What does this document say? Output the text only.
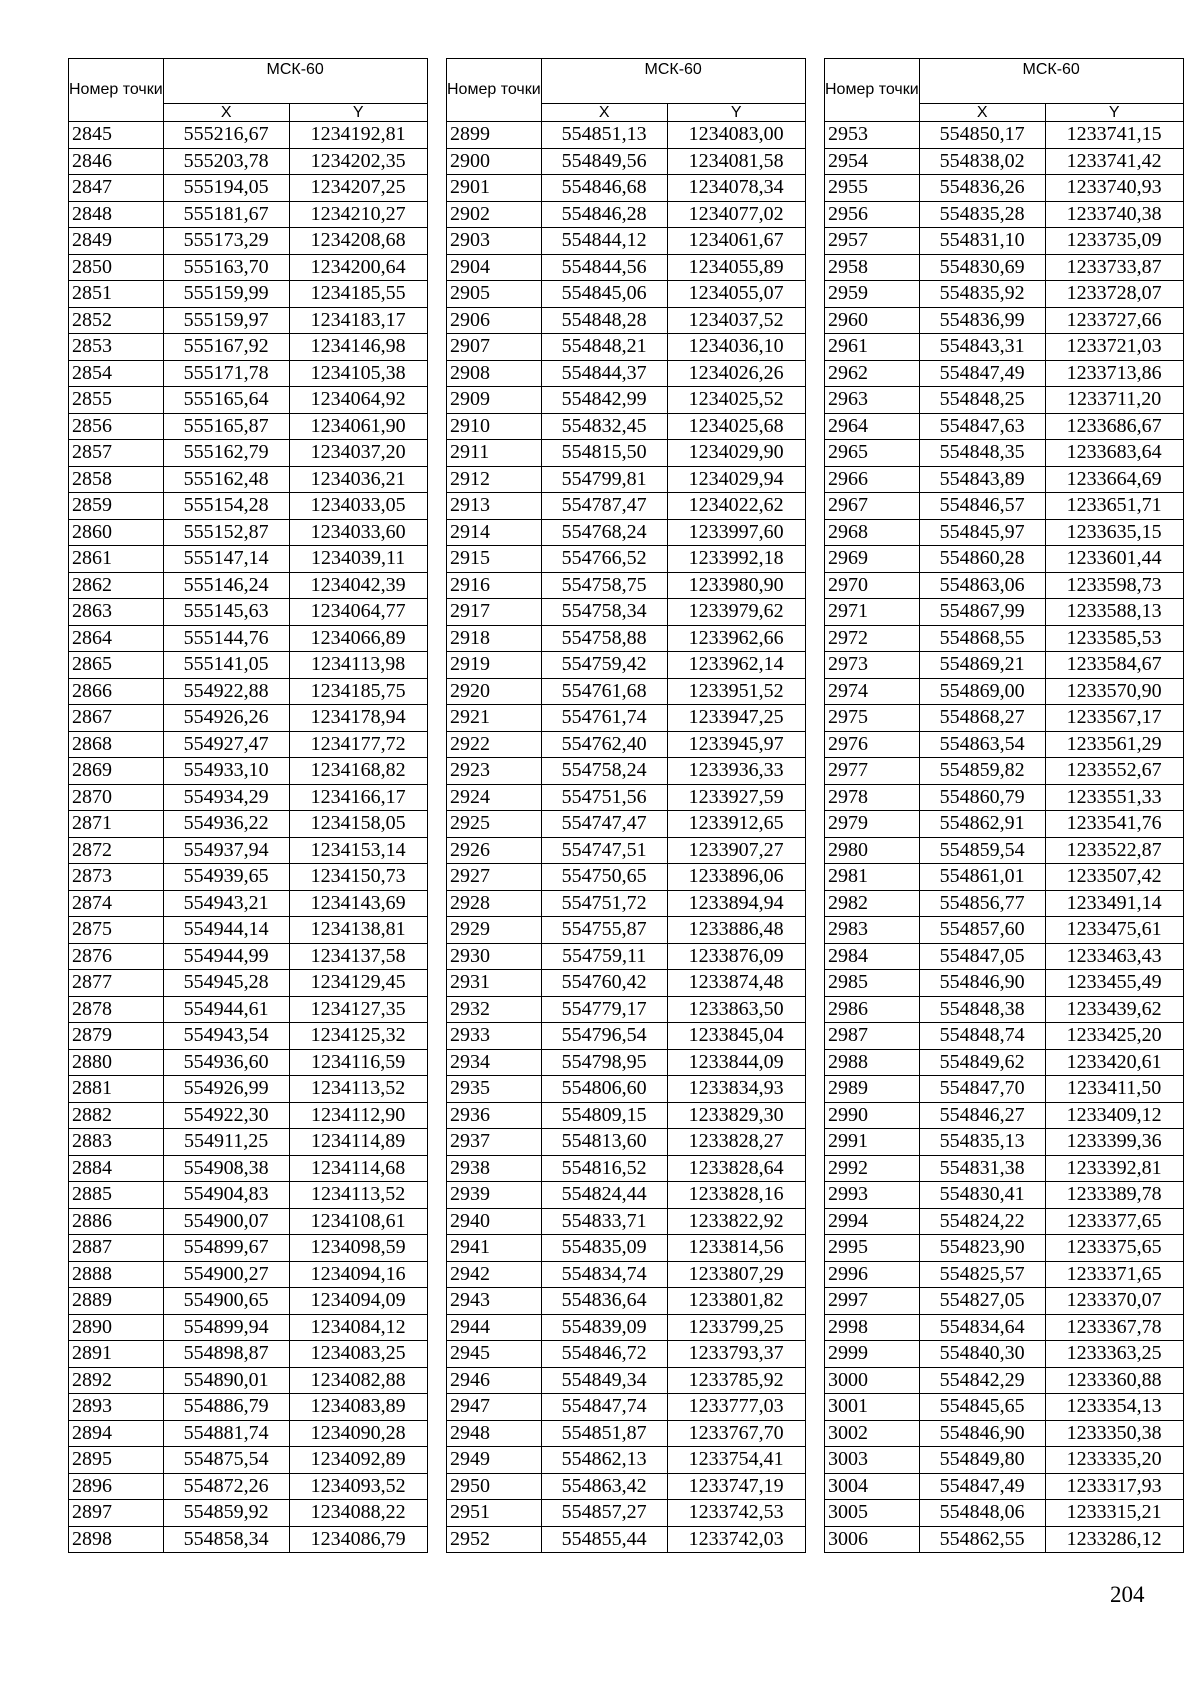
Номер точки	МСК-60	
	X	Y
2845	555216,67	1234192,81
2846	555203,78	1234202,35
2847	555194,05	1234207,25
2848	555181,67	1234210,27
2849	555173,29	1234208,68
2850	555163,70	1234200,64
2851	555159,99	1234185,55
2852	555159,97	1234183,17
2853	555167,92	1234146,98
2854	555171,78	1234105,38
2855	555165,64	1234064,92
2856	555165,87	1234061,90
2857	555162,79	1234037,20
2858	555162,48	1234036,21
2859	555154,28	1234033,05
2860	555152,87	1234033,60
2861	555147,14	1234039,11
2862	555146,24	1234042,39
2863	555145,63	1234064,77
2864	555144,76	1234066,89
2865	555141,05	1234113,98
2866	554922,88	1234185,75
2867	554926,26	1234178,94
2868	554927,47	1234177,72
2869	554933,10	1234168,82
2870	554934,29	1234166,17
2871	554936,22	1234158,05
2872	554937,94	1234153,14
2873	554939,65	1234150,73
2874	554943,21	1234143,69
2875	554944,14	1234138,81
2876	554944,99	1234137,58
2877	554945,28	1234129,45
2878	554944,61	1234127,35
2879	554943,54	1234125,32
2880	554936,60	1234116,59
2881	554926,99	1234113,52
2882	554922,30	1234112,90
2883	554911,25	1234114,89
2884	554908,38	1234114,68
2885	554904,83	1234113,52
2886	554900,07	1234108,61
2887	554899,67	1234098,59
2888	554900,27	1234094,16
2889	554900,65	1234094,09
2890	554899,94	1234084,12
2891	554898,87	1234083,25
2892	554890,01	1234082,88
2893	554886,79	1234083,89
2894	554881,74	1234090,28
2895	554875,54	1234092,89
2896	554872,26	1234093,52
2897	554859,92	1234088,22
2898	554858,34	1234086,79
Номер точки	МСК-60	
	X	Y
2899	554851,13	1234083,00
2900	554849,56	1234081,58
2901	554846,68	1234078,34
2902	554846,28	1234077,02
2903	554844,12	1234061,67
2904	554844,56	1234055,89
2905	554845,06	1234055,07
2906	554848,28	1234037,52
2907	554848,21	1234036,10
2908	554844,37	1234026,26
2909	554842,99	1234025,52
2910	554832,45	1234025,68
2911	554815,50	1234029,90
2912	554799,81	1234029,94
2913	554787,47	1234022,62
2914	554768,24	1233997,60
2915	554766,52	1233992,18
2916	554758,75	1233980,90
2917	554758,34	1233979,62
2918	554758,88	1233962,66
2919	554759,42	1233962,14
2920	554761,68	1233951,52
2921	554761,74	1233947,25
2922	554762,40	1233945,97
2923	554758,24	1233936,33
2924	554751,56	1233927,59
2925	554747,47	1233912,65
2926	554747,51	1233907,27
2927	554750,65	1233896,06
2928	554751,72	1233894,94
2929	554755,87	1233886,48
2930	554759,11	1233876,09
2931	554760,42	1233874,48
2932	554779,17	1233863,50
2933	554796,54	1233845,04
2934	554798,95	1233844,09
2935	554806,60	1233834,93
2936	554809,15	1233829,30
2937	554813,60	1233828,27
2938	554816,52	1233828,64
2939	554824,44	1233828,16
2940	554833,71	1233822,92
2941	554835,09	1233814,56
2942	554834,74	1233807,29
2943	554836,64	1233801,82
2944	554839,09	1233799,25
2945	554846,72	1233793,37
2946	554849,34	1233785,92
2947	554847,74	1233777,03
2948	554851,87	1233767,70
2949	554862,13	1233754,41
2950	554863,42	1233747,19
2951	554857,27	1233742,53
2952	554855,44	1233742,03
Номер точки	МСК-60	
	X	Y
2953	554850,17	1233741,15
2954	554838,02	1233741,42
2955	554836,26	1233740,93
2956	554835,28	1233740,38
2957	554831,10	1233735,09
2958	554830,69	1233733,87
2959	554835,92	1233728,07
2960	554836,99	1233727,66
2961	554843,31	1233721,03
2962	554847,49	1233713,86
2963	554848,25	1233711,20
2964	554847,63	1233686,67
2965	554848,35	1233683,64
2966	554843,89	1233664,69
2967	554846,57	1233651,71
2968	554845,97	1233635,15
2969	554860,28	1233601,44
2970	554863,06	1233598,73
2971	554867,99	1233588,13
2972	554868,55	1233585,53
2973	554869,21	1233584,67
2974	554869,00	1233570,90
2975	554868,27	1233567,17
2976	554863,54	1233561,29
2977	554859,82	1233552,67
2978	554860,79	1233551,33
2979	554862,91	1233541,76
2980	554859,54	1233522,87
2981	554861,01	1233507,42
2982	554856,77	1233491,14
2983	554857,60	1233475,61
2984	554847,05	1233463,43
2985	554846,90	1233455,49
2986	554848,38	1233439,62
2987	554848,74	1233425,20
2988	554849,62	1233420,61
2989	554847,70	1233411,50
2990	554846,27	1233409,12
2991	554835,13	1233399,36
2992	554831,38	1233392,81
2993	554830,41	1233389,78
2994	554824,22	1233377,65
2995	554823,90	1233375,65
2996	554825,57	1233371,65
2997	554827,05	1233370,07
2998	554834,64	1233367,78
2999	554840,30	1233363,25
3000	554842,29	1233360,88
3001	554845,65	1233354,13
3002	554846,90	1233350,38
3003	554849,80	1233335,20
3004	554847,49	1233317,93
3005	554848,06	1233315,21
3006	554862,55	1233286,12
204
